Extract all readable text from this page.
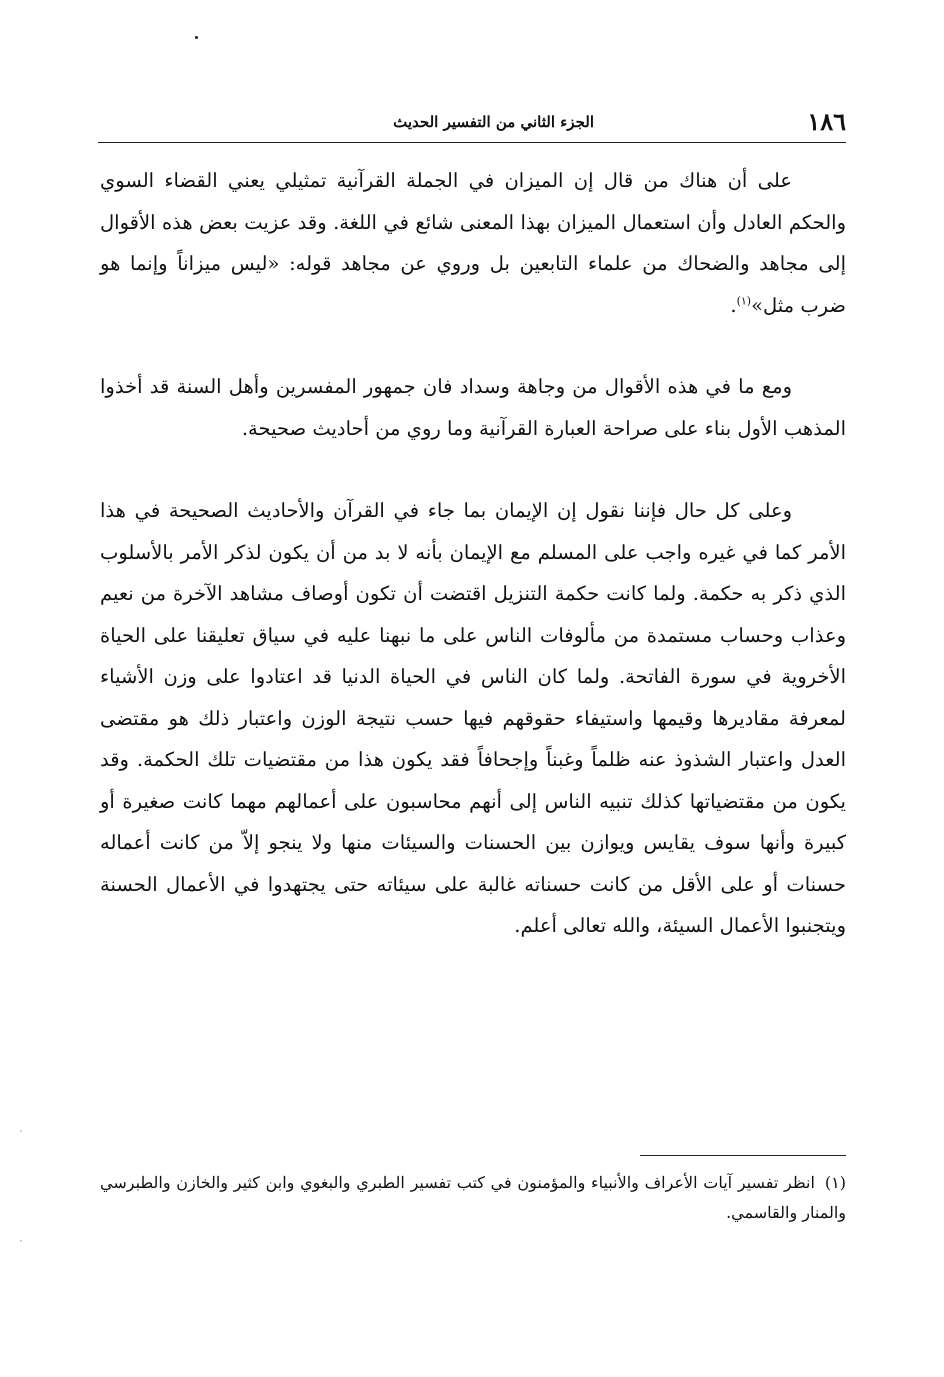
١٨٦
الجزء الثاني من التفسير الحديث

على أن هناك من قال إن الميزان في الجملة القرآنية تمثيلي يعني القضاء السوي والحكم العادل وأن استعمال الميزان بهذا المعنى شائع في اللغة. وقد عزيت بعض هذه الأقوال إلى مجاهد والضحاك من علماء التابعين بل وروي عن مجاهد قوله: «ليس ميزاناً وإنما هو ضرب مثل»$^{(١)}$.

ومع ما في هذه الأقوال من وجاهة وسداد فان جمهور المفسرين وأهل السنة قد أخذوا المذهب الأول بناء على صراحة العبارة القرآنية وما روي من أحاديث صحيحة.

وعلى كل حال فإننا نقول إن الإيمان بما جاء في القرآن والأحاديث الصحيحة في هذا الأمر كما في غيره واجب على المسلم مع الإيمان بأنه لا بد من أن يكون لذكر الأمر بالأسلوب الذي ذكر به حكمة. ولما كانت حكمة التنزيل اقتضت أن تكون أوصاف مشاهد الآخرة من نعيم وعذاب وحساب مستمدة من مألوفات الناس على ما نبهنا عليه في سياق تعليقنا على الحياة الأخروية في سورة الفاتحة. ولما كان الناس في الحياة الدنيا قد اعتادوا على وزن الأشياء لمعرفة مقاديرها وقيمها واستيفاء حقوقهم فيها حسب نتيجة الوزن واعتبار ذلك هو مقتضى العدل واعتبار الشذوذ عنه ظلماً وغبناً وإجحافاً فقد يكون هذا من مقتضيات تلك الحكمة. وقد يكون من مقتضياتها كذلك تنبيه الناس إلى أنهم محاسبون على أعمالهم مهما كانت صغيرة أو كبيرة وأنها سوف يقايس ويوازن بين الحسنات والسيئات منها ولا ينجو إلاّ من كانت أعماله حسنات أو على الأقل من كانت حسناته غالبة على سيئاته حتى يجتهدوا في الأعمال الحسنة ويتجنبوا الأعمال السيئة، والله تعالى أعلم.

(١)انظر تفسير آيات الأعراف والأنبياء والمؤمنون في كتب تفسير الطبري والبغوي وابن كثير والخازن والطبرسي والمنار والقاسمي.
